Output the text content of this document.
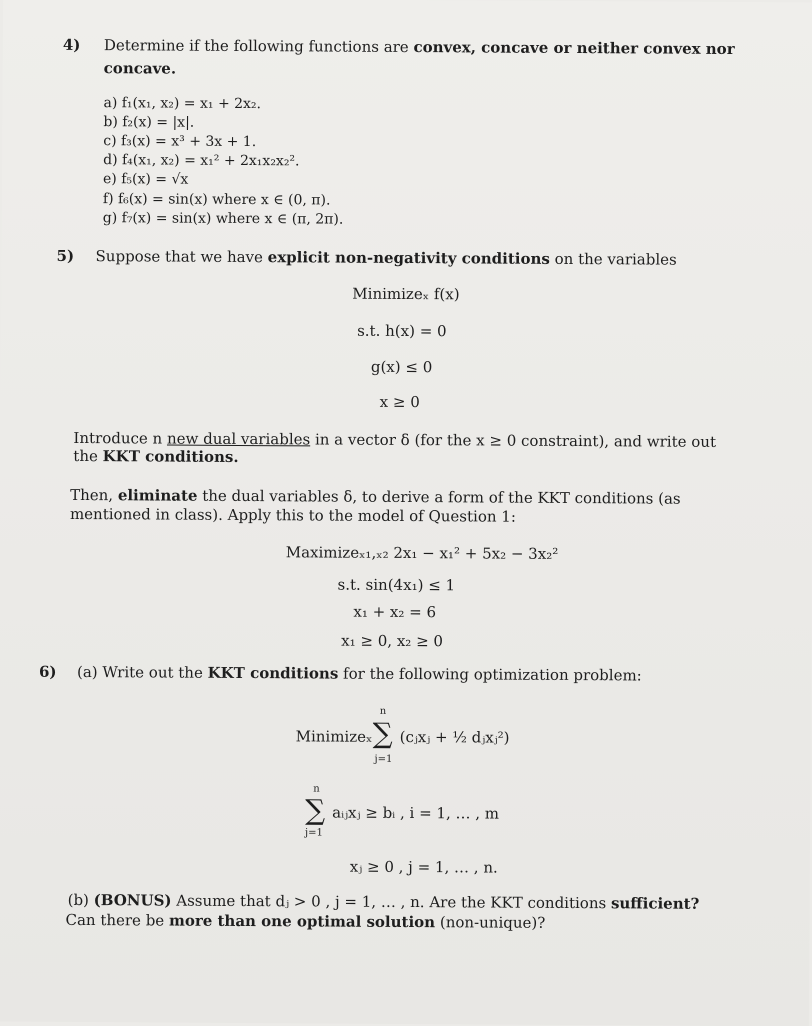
4) Determine if the following functions are convex, concave or neither convex nor
concave.
a) f₁(x₁, x₂) = x₁ + 2x₂.
b) f₂(x) = |x|.
c) f₃(x) = x³ + 3x + 1.
d) f₄(x₁, x₂) = x₁² + 2x₁x₂x₂².
e) f₅(x) = √x
f) f₆(x) = sin(x) where x ∈ (0, π).
g) f₇(x) = sin(x) where x ∈ (π, 2π).
5) Suppose that we have explicit non-negativity conditions on the variables
Minimizeₓ f(x)
s.t. h(x) = 0
g(x) ≤ 0
x ≥ 0
Introduce n new dual variables in a vector δ (for the x ≥ 0 constraint), and write out
the KKT conditions.
Then, eliminate the dual variables δ, to derive a form of the KKT conditions (as
mentioned in class). Apply this to the model of Question 1:
Maximizeₓ₁,ₓ₂ 2x₁ − x₁² + 5x₂ − 3x₂²
s.t. sin(4x₁) ≤ 1
x₁ + x₂ = 6
x₁ ≥ 0, x₂ ≥ 0
6) (a) Write out the KKT conditions for the following optimization problem:
Minimizeₓ
n
∑
j=1
(cⱼxⱼ + ½ dⱼxⱼ²)
n
∑
j=1
aᵢⱼxⱼ ≥ bᵢ , i = 1, … , m
xⱼ ≥ 0 , j = 1, … , n.
(b) (BONUS) Assume that dⱼ > 0 , j = 1, … , n. Are the KKT conditions sufficient?
Can there be more than one optimal solution (non-unique)?
